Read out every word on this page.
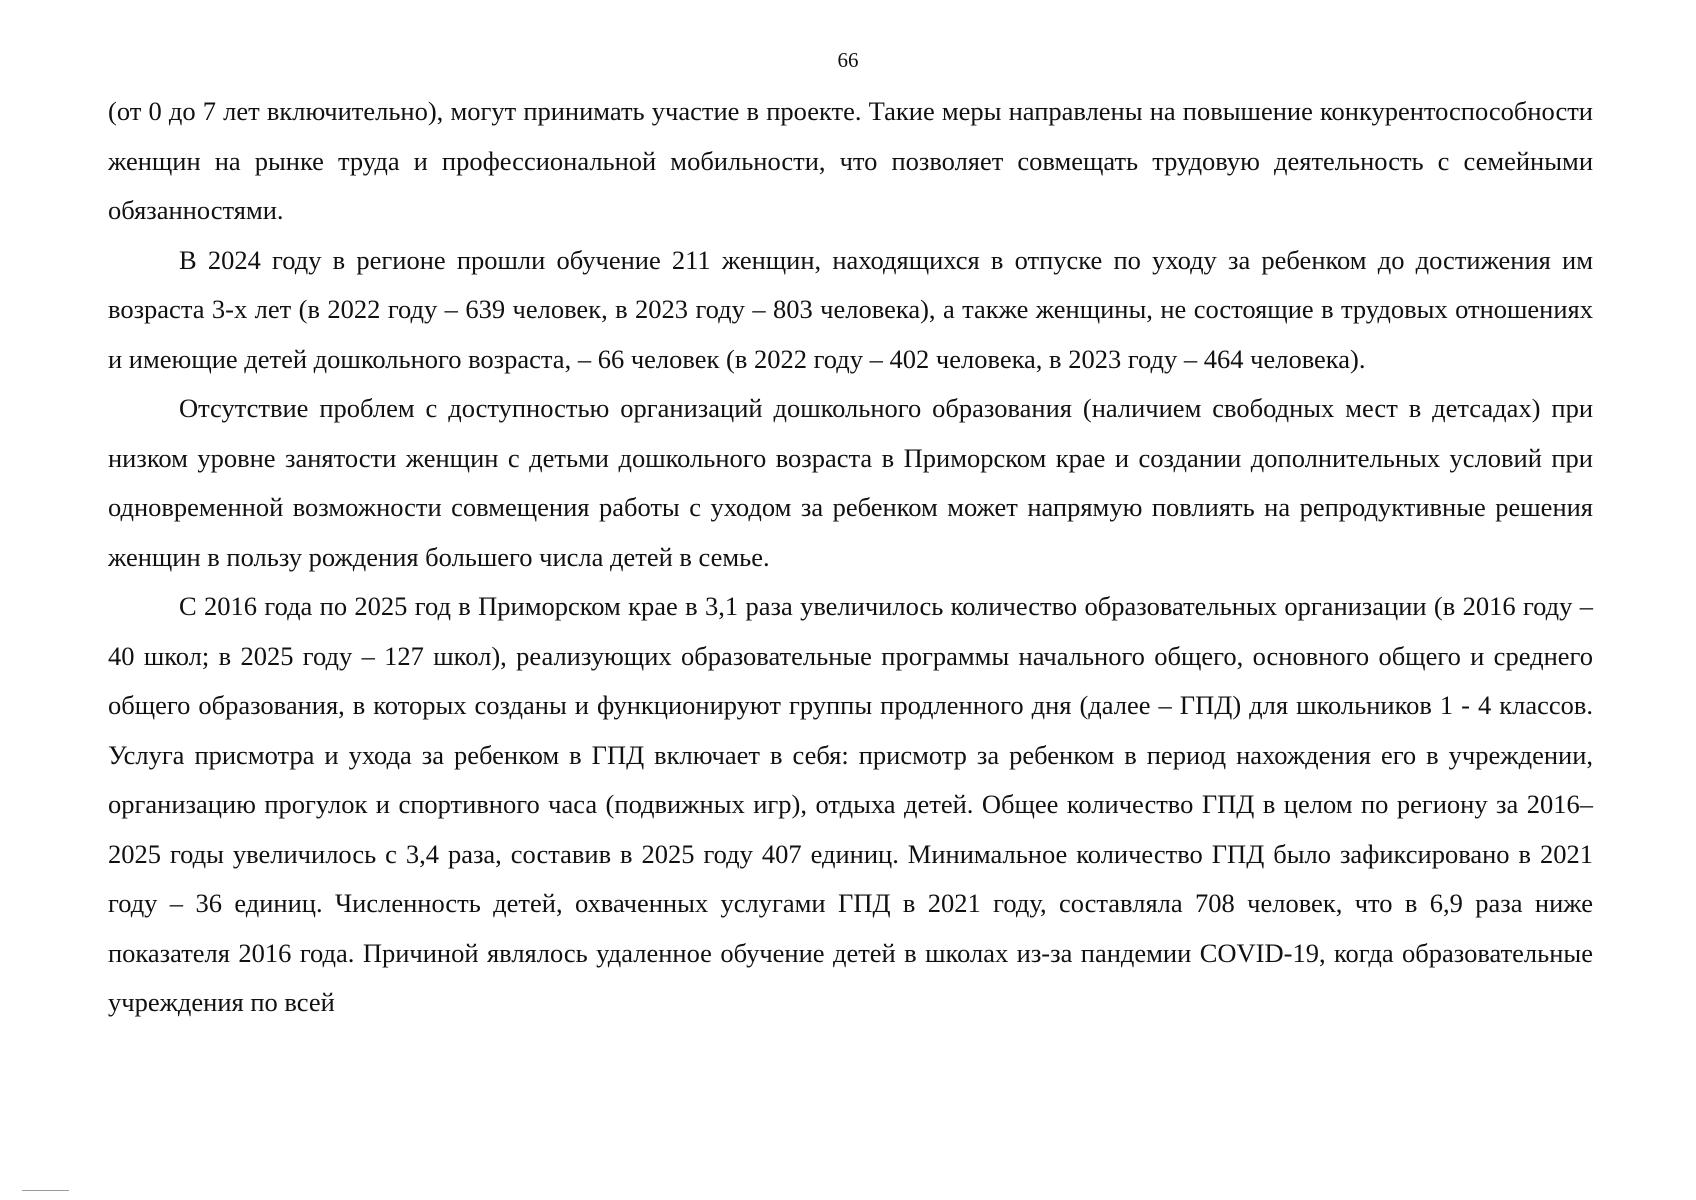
66

(от 0 до 7 лет включительно), могут принимать участие в проекте. Такие меры направлены на повышение конкурентоспособности женщин на рынке труда и профессиональной мобильности, что позволяет совмещать трудовую деятельность с семейными обязанностями.

В 2024 году в регионе прошли обучение 211 женщин, находящихся в отпуске по уходу за ребенком до достижения им возраста 3-х лет (в 2022 году – 639 человек, в 2023 году – 803 человека), а также женщины, не состоящие в трудовых отношениях и имеющие детей дошкольного возраста, – 66 человек (в 2022 году – 402 человека, в 2023 году – 464 человека).

Отсутствие проблем с доступностью организаций дошкольного образования (наличием свободных мест в детсадах) при низком уровне занятости женщин с детьми дошкольного возраста в Приморском крае и создании дополнительных условий при одновременной возможности совмещения работы с уходом за ребенком может напрямую повлиять на репродуктивные решения женщин в пользу рождения большего числа детей в семье.

С 2016 года по 2025 год в Приморском крае в 3,1 раза увеличилось количество образовательных организации (в 2016 году – 40 школ; в 2025 году – 127 школ), реализующих образовательные программы начального общего, основного общего и среднего общего образования, в которых созданы и функционируют группы продленного дня (далее – ГПД) для школьников 1 - 4 классов. Услуга присмотра и ухода за ребенком в ГПД включает в себя: присмотр за ребенком в период нахождения его в учреждении, организацию прогулок и спортивного часа (подвижных игр), отдыха детей. Общее количество ГПД в целом по региону за 2016–2025 годы увеличилось с 3,4 раза, составив в 2025 году 407 единиц. Минимальное количество ГПД было зафиксировано в 2021 году – 36 единиц. Численность детей, охваченных услугами ГПД в 2021 году, составляла 708 человек, что в 6,9 раза ниже показателя 2016 года. Причиной являлось удаленное обучение детей в школах из-за пандемии COVID-19, когда образовательные учреждения по всей
